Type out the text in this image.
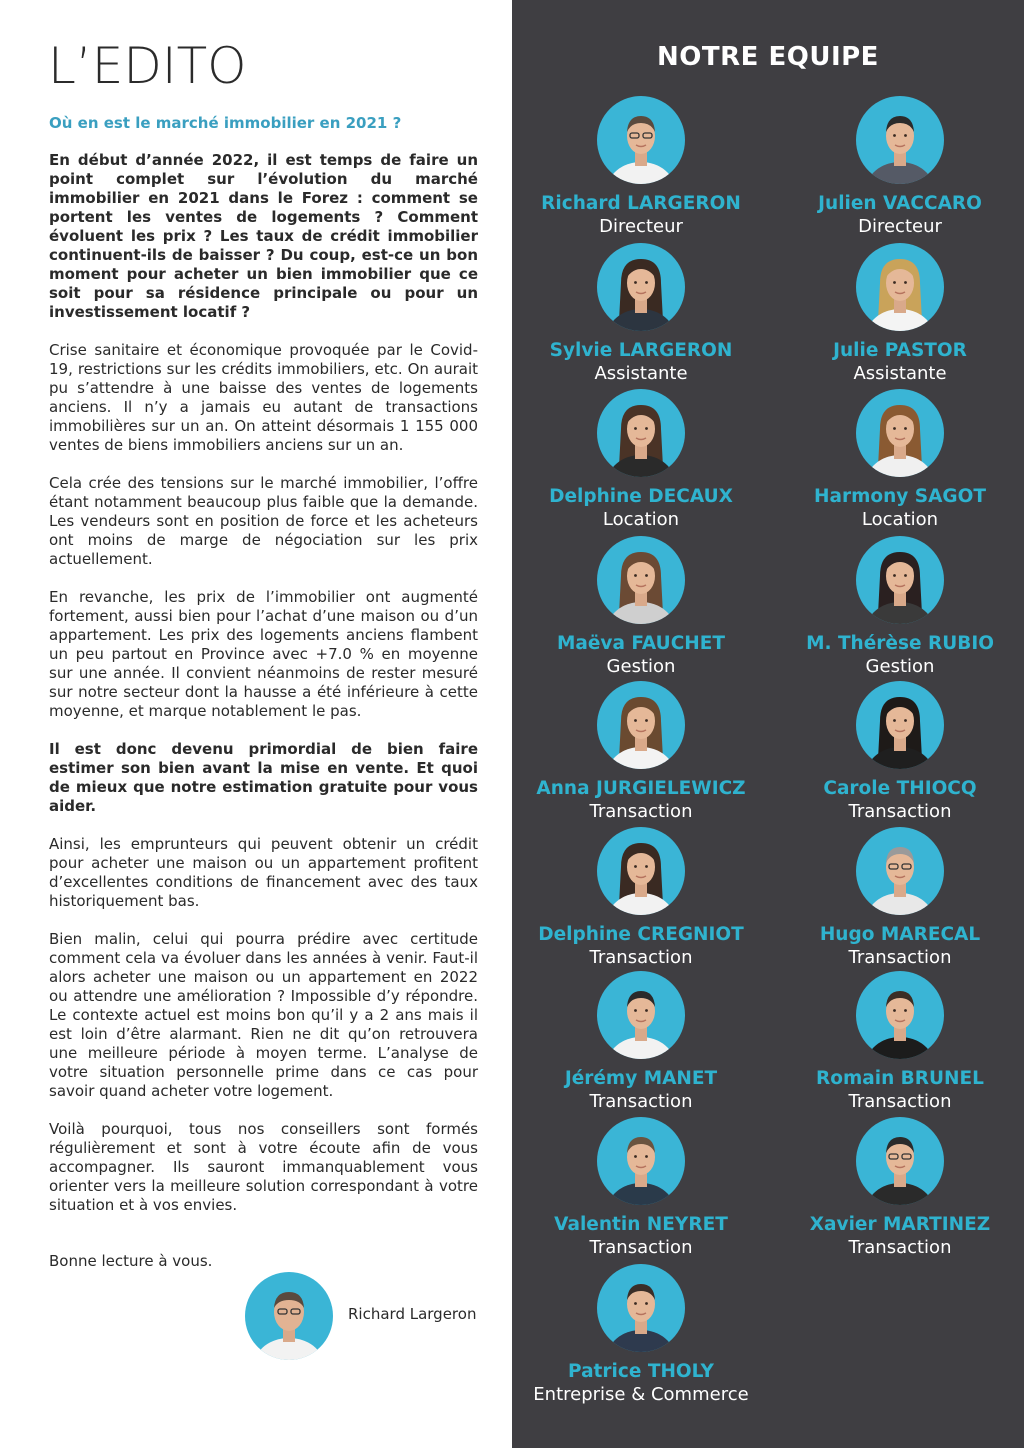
L’EDITO
Où en est le marché immobilier en 2021 ?

En début d’année 2022, il est temps de faire un point complet sur l’évolution du marché immobilier en 2021 dans le Forez : comment se portent les ventes de logements ? Comment évoluent les prix ? Les taux de crédit immobilier continuent-ils de baisser ? Du coup, est-ce un bon moment pour acheter un bien immobilier que ce soit pour sa résidence principale ou pour un investissement locatif ?

Crise sanitaire et économique provoquée par le Covid-19, restrictions sur les crédits immobiliers, etc. On aurait pu s’attendre à une baisse des ventes de logements anciens. Il n’y a jamais eu autant de transactions immobilières sur un an. On atteint désormais 1 155 000 ventes de biens immobiliers anciens sur un an.

Cela crée des tensions sur le marché immobilier, l’offre étant notamment beaucoup plus faible que la demande. Les vendeurs sont en position de force et les acheteurs ont moins de marge de négociation sur les prix actuellement.

En revanche, les prix de l’immobilier ont augmenté fortement, aussi bien pour l’achat d’une maison ou d’un appartement. Les prix des logements anciens flambent un peu partout en Province avec +7.0 % en moyenne sur une année. Il convient néanmoins de rester mesuré sur notre secteur dont la hausse a été inférieure à cette moyenne, et marque notablement le pas.

Il est donc devenu primordial de bien faire estimer son bien avant la mise en vente. Et quoi de mieux que notre estimation gratuite pour vous aider.

Ainsi, les emprunteurs qui peuvent obtenir un crédit pour acheter une maison ou un appartement profitent d’excellentes conditions de financement avec des taux historiquement bas.

Bien malin, celui qui pourra prédire avec certitude comment cela va évoluer dans les années à venir. Faut-il alors acheter une maison ou un appartement en 2022 ou attendre une amélioration ? Impossible d’y répondre. Le contexte actuel est moins bon qu’il y a 2 ans mais il est loin d’être alarmant. Rien ne dit qu’on retrouvera une meilleure période à moyen terme. L’analyse de votre situation personnelle prime dans ce cas pour savoir quand acheter votre logement.

Voilà pourquoi, tous nos conseillers sont formés régulièrement et sont à votre écoute afin de vous accompagner. Ils sauront immanquablement vous orienter vers la meilleure solution correspondant à votre situation et à vos envies.

Bonne lecture à vous.

Richard Largeron
NOTRE EQUIPE
Richard LARGERON
Directeur
Julien VACCARO
Directeur
Sylvie LARGERON
Assistante
Julie PASTOR
Assistante
Delphine DECAUX
Location
Harmony SAGOT
Location
Maëva FAUCHET
Gestion
M. Thérèse RUBIO
Gestion
Anna JURGIELEWICZ
Transaction
Carole THIOCQ
Transaction
Delphine CREGNIOT
Transaction
Hugo MARECAL
Transaction
Jérémy MANET
Transaction
Romain BRUNEL
Transaction
Valentin NEYRET
Transaction
Xavier MARTINEZ
Transaction
Patrice THOLY
Entreprise & Commerce
